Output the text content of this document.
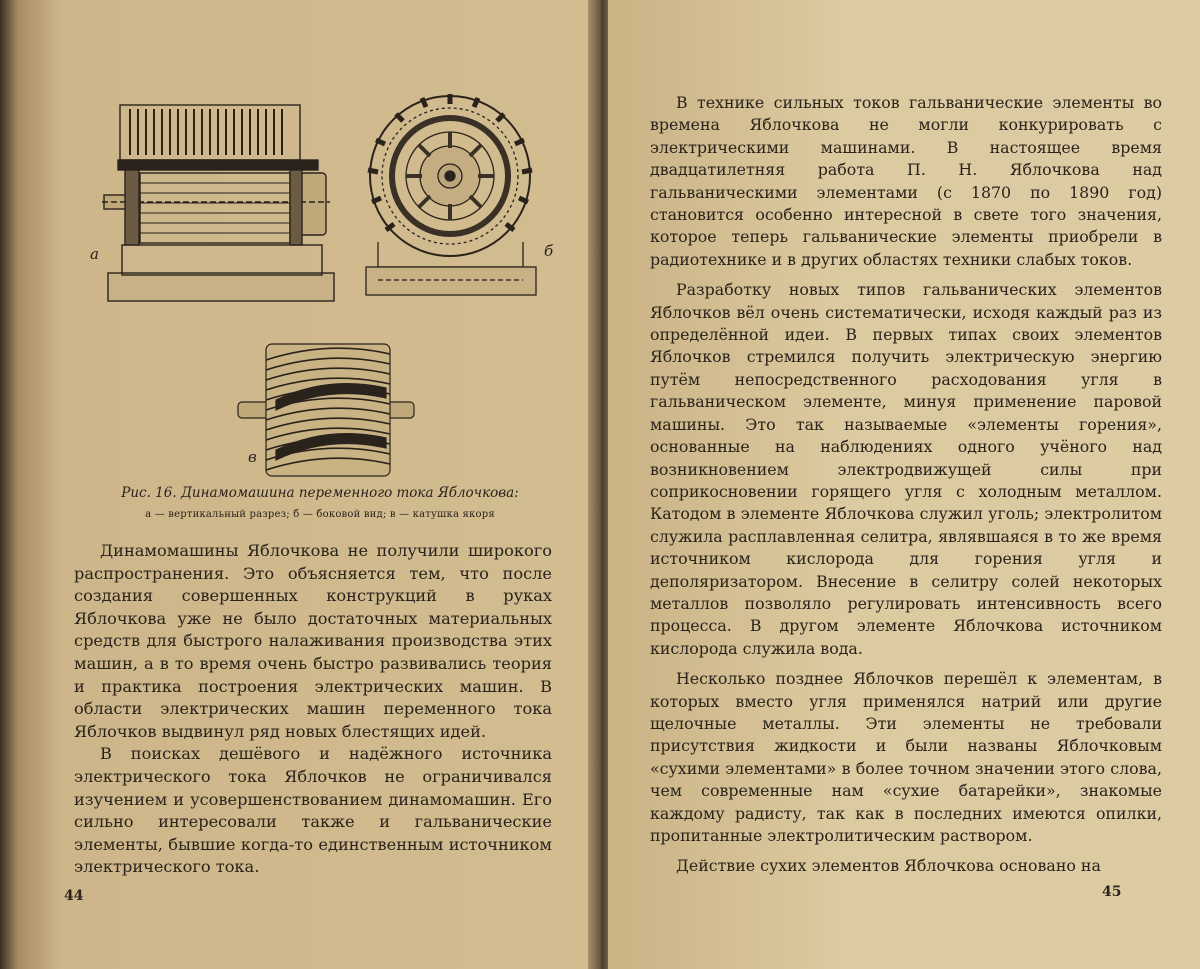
а	б
в
Рис. 16. Динамомашина переменного тока Яблочкова:
а — вертикальный разрез; б — боковой вид; в — катушка якоря

Динамомашины Яблочкова не получили широкого распространения. Это объясняется тем, что после создания совершенных конструкций в руках Яблочкова уже не было достаточных материальных средств для быстрого налаживания производства этих машин, а в то время очень быстро развивались теория и практика построения электрических машин. В области электрических машин переменного тока Яблочков выдвинул ряд новых блестящих идей.

В поисках дешёвого и надёжного источника электрического тока Яблочков не ограничивался изучением и усовершенствованием динамомашин. Его сильно интересовали также и гальванические элементы, бывшие когда-то единственным источником электрического тока.

44

В технике сильных токов гальванические элементы во времена Яблочкова не могли конкурировать с электрическими машинами. В настоящее время двадцатилетняя работа П. Н. Яблочкова над гальваническими элементами (с 1870 по 1890 год) становится особенно интересной в свете того значения, которое теперь гальванические элементы приобрели в радиотехнике и в других областях техники слабых токов.

Разработку новых типов гальванических элементов Яблочков вёл очень систематически, исходя каждый раз из определённой идеи. В первых типах своих элементов Яблочков стремился получить электрическую энергию путём непосредственного расходования угля в гальваническом элементе, минуя применение паровой машины. Это так называемые «элементы горения», основанные на наблюдениях одного учёного над возникновением электродвижущей силы при соприкосновении горящего угля с холодным металлом. Катодом в элементе Яблочкова служил уголь; электролитом служила расплавленная селитра, являвшаяся в то же время источником кислорода для горения угля и деполяризатором. Внесение в селитру солей некоторых металлов позволяло регулировать интенсивность всего процесса. В другом элементе Яблочкова источником кислорода служила вода.

Несколько позднее Яблочков перешёл к элементам, в которых вместо угля применялся натрий или другие щелочные металлы. Эти элементы не требовали присутствия жидкости и были названы Яблочковым «сухими элементами» в более точном значении этого слова, чем современные нам «сухие батарейки», знакомые каждому радисту, так как в последних имеются опилки, пропитанные электролитическим раствором.

Действие сухих элементов Яблочкова основано на

45
